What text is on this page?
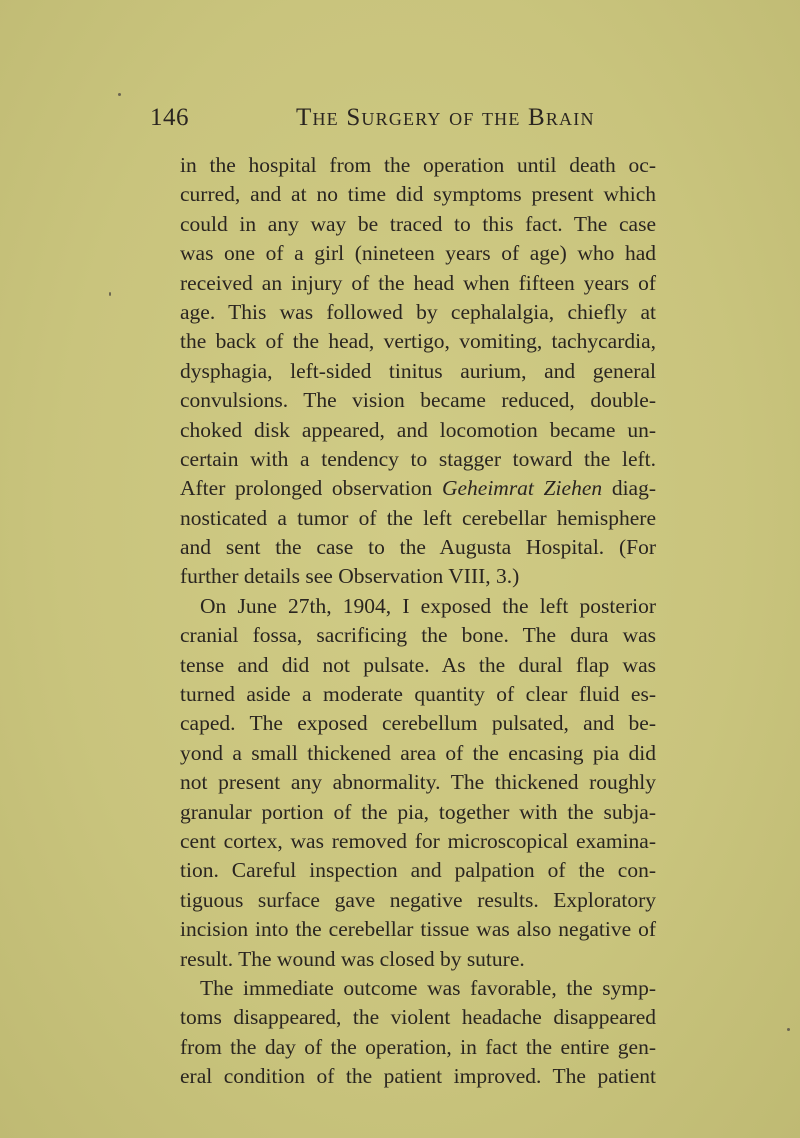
146	The Surgery of the Brain
in the hospital from the operation until death oc-
curred, and at no time did symptoms present which
could in any way be traced to this fact. The case
was one of a girl (nineteen years of age) who had
received an injury of the head when fifteen years of
age. This was followed by cephalalgia, chiefly at
the back of the head, vertigo, vomiting, tachycardia,
dysphagia, left-sided tinitus aurium, and general
convulsions. The vision became reduced, double-
choked disk appeared, and locomotion became un-
certain with a tendency to stagger toward the left.
After prolonged observation Geheimrat Ziehen diag-
nosticated a tumor of the left cerebellar hemisphere
and sent the case to the Augusta Hospital. (For
further details see Observation VIII, 3.)
On June 27th, 1904, I exposed the left posterior
cranial fossa, sacrificing the bone. The dura was
tense and did not pulsate. As the dural flap was
turned aside a moderate quantity of clear fluid es-
caped. The exposed cerebellum pulsated, and be-
yond a small thickened area of the encasing pia did
not present any abnormality. The thickened roughly
granular portion of the pia, together with the subja-
cent cortex, was removed for microscopical examina-
tion. Careful inspection and palpation of the con-
tiguous surface gave negative results. Exploratory
incision into the cerebellar tissue was also negative of
result. The wound was closed by suture.
The immediate outcome was favorable, the symp-
toms disappeared, the violent headache disappeared
from the day of the operation, in fact the entire gen-
eral condition of the patient improved. The patient
